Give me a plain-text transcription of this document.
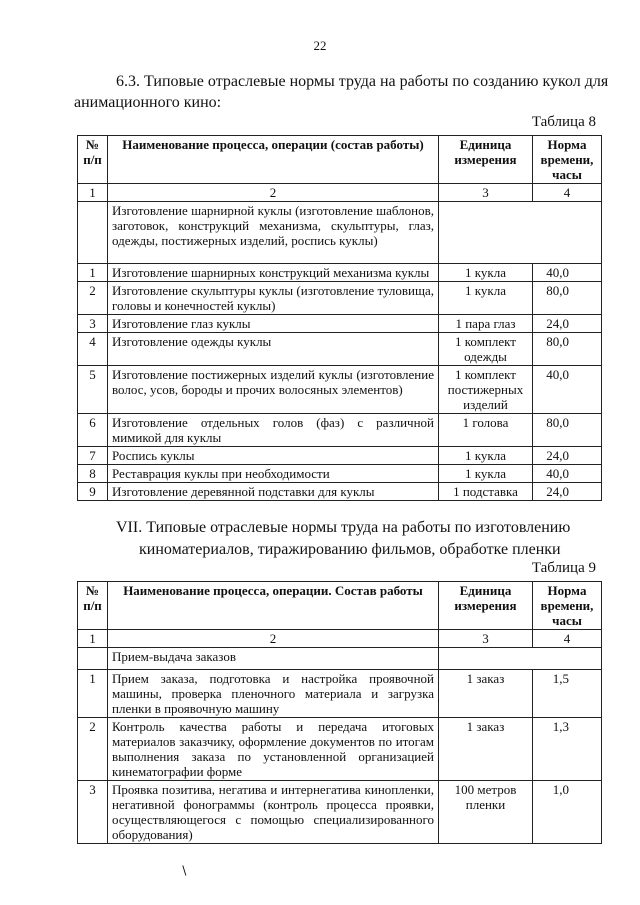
22
6.3. Типовые отраслевые нормы труда на работы по созданию кукол для
анимационного кино:
Таблица 8
№ п/п	Наименование процесса, операции (состав работы)	Единица измерения	Норма времени, часы
1	2	3	4
	Изготовление шарнирной куклы (изготовление шаблонов, заготовок, конструкций механизма, скульптуры, глаз, одежды, постижерных изделий, роспись куклы)		
1	Изготовление шарнирных конструкций механизма куклы	1 кукла	40,0
2	Изготовление скульптуры куклы (изготовление туловища, головы и конечностей куклы)	1 кукла	80,0
3	Изготовление глаз куклы	1 пара глаз	24,0
4	Изготовление одежды куклы	1 комплект одежды	80,0
5	Изготовление постижерных изделий куклы (изготовление волос, усов, бороды и прочих волосяных элементов)	1 комплект постижерных изделий	40,0
6	Изготовление отдельных голов (фаз) с различной мимикой для куклы	1 голова	80,0
7	Роспись куклы	1 кукла	24,0
8	Реставрация куклы при необходимости	1 кукла	40,0
9	Изготовление деревянной подставки для куклы	1 подставка	24,0
VII. Типовые отраслевые нормы труда на работы по изготовлению
киноматериалов, тиражированию фильмов, обработке пленки
Таблица 9
№ п/п	Наименование процесса, операции. Состав работы	Единица измерения	Норма времени, часы
1	2	3	4
	Прием-выдача заказов		
1	Прием заказа, подготовка и настройка проявочной машины, проверка пленочного материала и загрузка пленки в проявочную машину	1 заказ	1,5
2	Контроль качества работы и передача итоговых материалов заказчику, оформление документов по итогам выполнения заказа по установленной организацией кинематографии форме	1 заказ	1,3
3	Проявка позитива, негатива и интернегатива кинопленки, негативной фонограммы (контроль процесса проявки, осуществляющегося с помощью специализированного оборудования)	100 метров пленки	1,0
∖
